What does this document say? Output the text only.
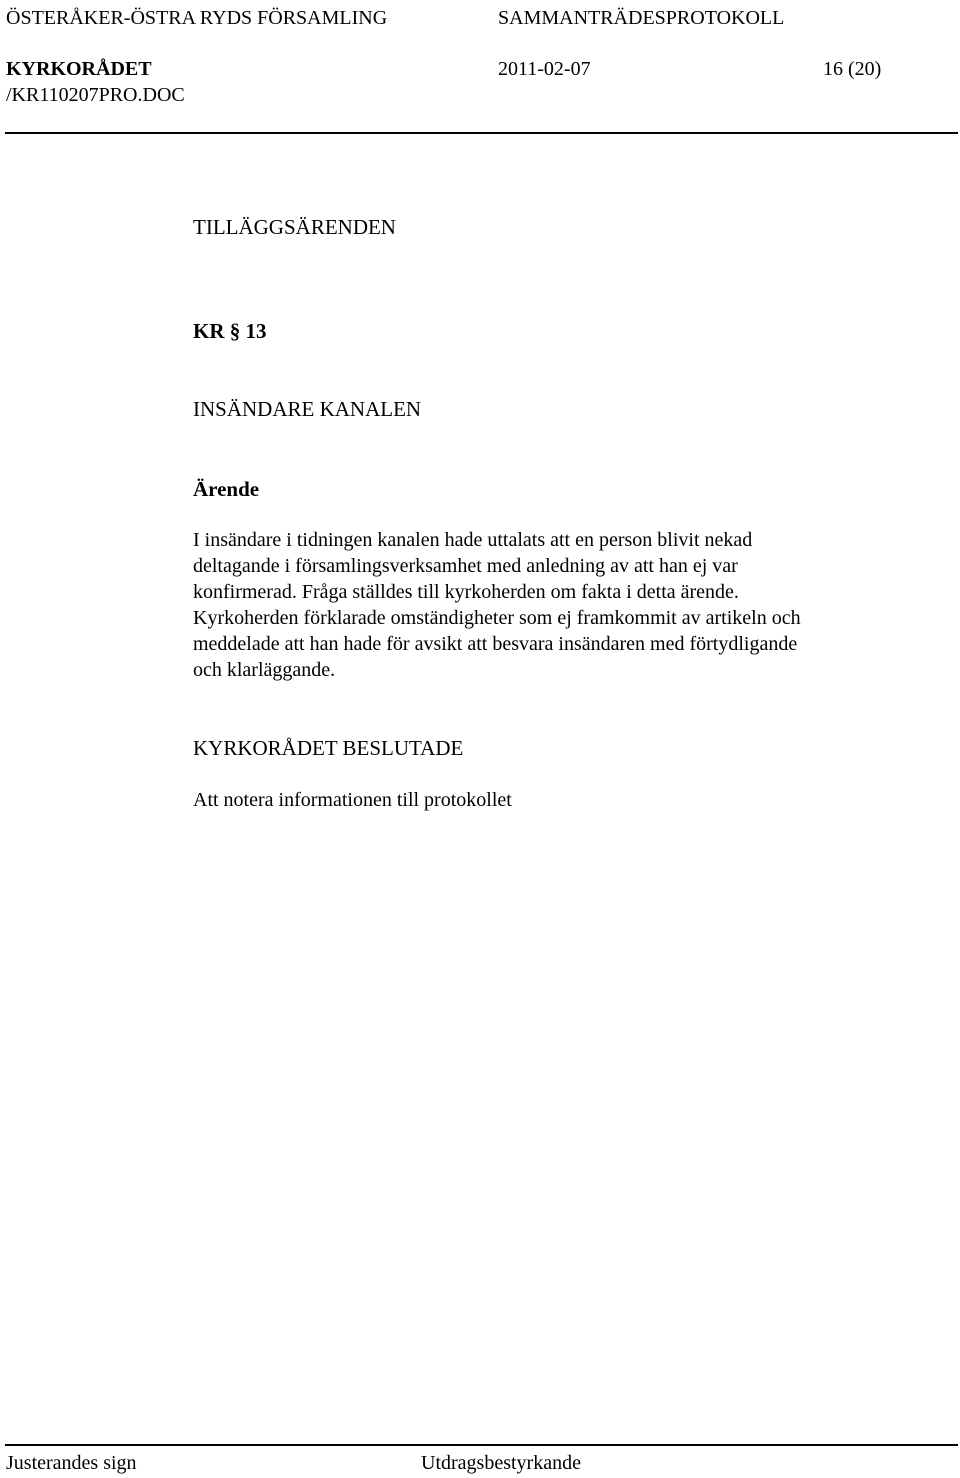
ÖSTERÅKER-ÖSTRA RYDS FÖRSAMLING	SAMMANTRÄDESPROTOKOLL
KYRKORÅDET	2011-02-07	16 (20)
/KR110207PRO.DOC
TILLÄGGSÄRENDEN
KR § 13
INSÄNDARE KANALEN
Ärende
I insändare i tidningen kanalen hade uttalats att en person blivit nekad
deltagande i församlingsverksamhet med anledning av att han ej var
konfirmerad. Fråga ställdes till kyrkoherden om fakta i detta ärende.
Kyrkoherden förklarade omständigheter som ej framkommit av artikeln och
meddelade att han hade för avsikt att besvara insändaren med förtydligande
och klarläggande.
KYRKORÅDET BESLUTADE
Att notera informationen till protokollet
Justerandes sign	Utdragsbestyrkande
